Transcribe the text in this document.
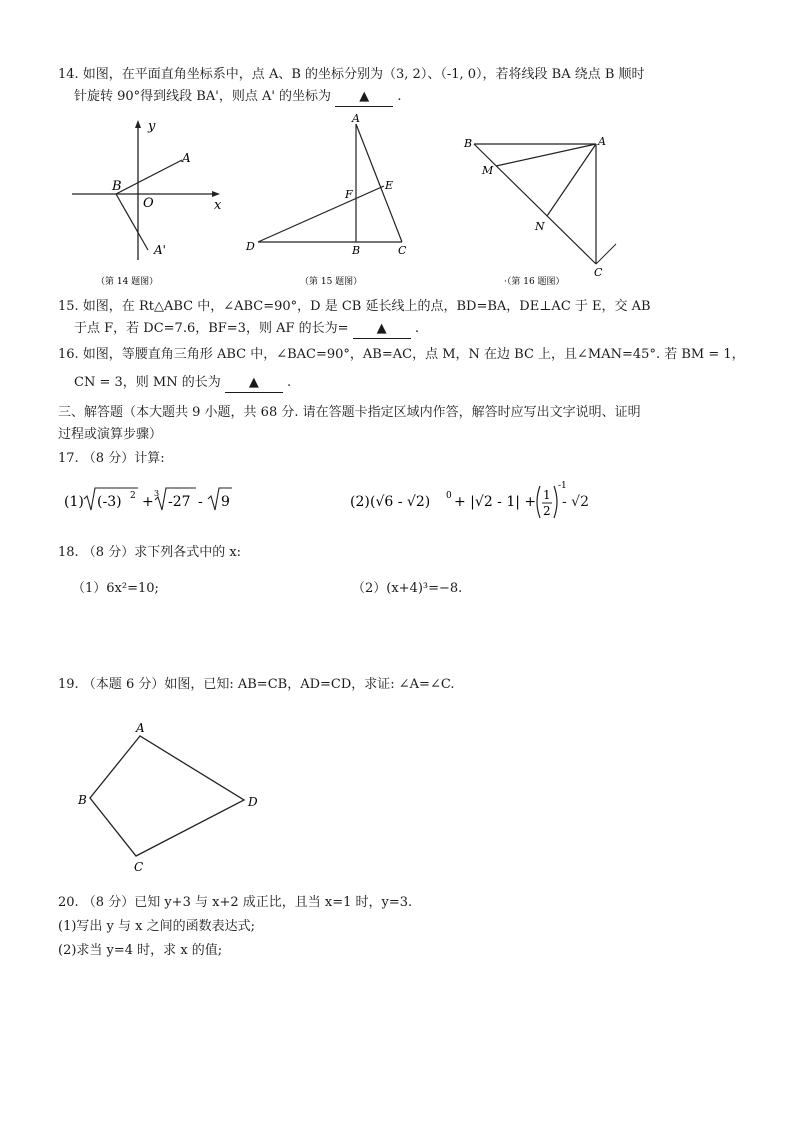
14. 如图，在平面直角坐标系中，点 A、B 的坐标分别为（3, 2）、（-1, 0），若将线段 BA 绕点 B 顺时
针旋转 90°得到线段 BA'，则点 A' 的坐标为 ▲ .
y
x
A
B
O
A'
（第 14 题图）
A
E
F
D	B	C
（第 15 题图）
B	A
M
N
C
·（第 16 题图）
15. 如图，在 Rt△ABC 中，∠ABC=90°，D 是 CB 延长线上的点，BD=BA，DE⊥AC 于 E，交 AB
于点 F，若 DC=7.6，BF=3，则 AF 的长为= ▲ .
16. 如图，等腰直角三角形 ABC 中，∠BAC=90°，AB=AC，点 M，N 在边 BC 上，且∠MAN=45°. 若 BM = 1，
CN = 3，则 MN 的长为 ▲ .
三、解答题（本大题共 9 小题，共 68 分. 请在答题卡指定区域内作答，解答时应写出文字说明、证明
过程或演算步骤）
17. （8 分）计算:
(1) (-3) 2 +
3
-27 - 9	(2) (√6 - √2) 0 + |√2 - 1| + 1
2
-1
- √2
18. （8 分）求下列各式中的 x:
（1）6x²=10;	（2）(x+4)³=−8.
19. （本题 6 分）如图，已知: AB=CB，AD=CD，求证: ∠A=∠C.
A
B
C
D
20. （8 分）已知 y+3 与 x+2 成正比，且当 x=1 时，y=3.
(1)写出 y 与 x 之间的函数表达式;
(2)求当 y=4 时，求 x 的值;
